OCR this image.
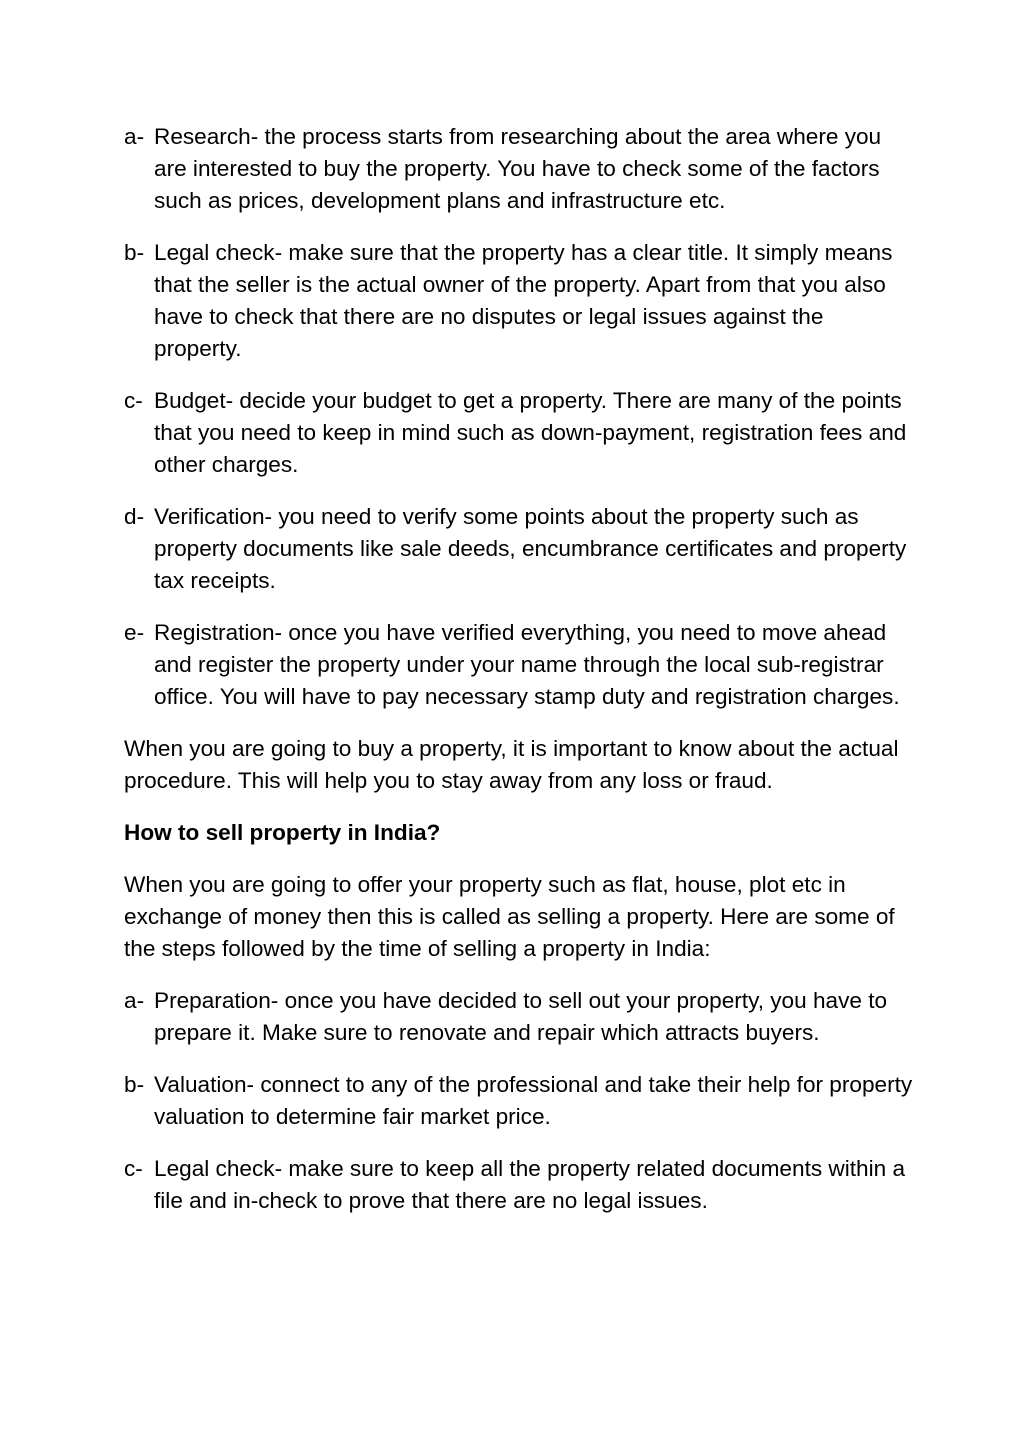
a- Research- the process starts from researching about the area where you are interested to buy the property. You have to check some of the factors such as prices, development plans and infrastructure etc.
b- Legal check- make sure that the property has a clear title. It simply means that the seller is the actual owner of the property. Apart from that you also have to check that there are no disputes or legal issues against the property.
c- Budget- decide your budget to get a property. There are many of the points that you need to keep in mind such as down-payment, registration fees and other charges.
d- Verification- you need to verify some points about the property such as property documents like sale deeds, encumbrance certificates and property tax receipts.
e- Registration- once you have verified everything, you need to move ahead and register the property under your name through the local sub-registrar office. You will have to pay necessary stamp duty and registration charges.

When you are going to buy a property, it is important to know about the actual procedure. This will help you to stay away from any loss or fraud.

How to sell property in India?

When you are going to offer your property such as flat, house, plot etc in exchange of money then this is called as selling a property. Here are some of the steps followed by the time of selling a property in India:

a- Preparation- once you have decided to sell out your property, you have to prepare it. Make sure to renovate and repair which attracts buyers.
b- Valuation- connect to any of the professional and take their help for property valuation to determine fair market price.
c- Legal check- make sure to keep all the property related documents within a file and in-check to prove that there are no legal issues.
